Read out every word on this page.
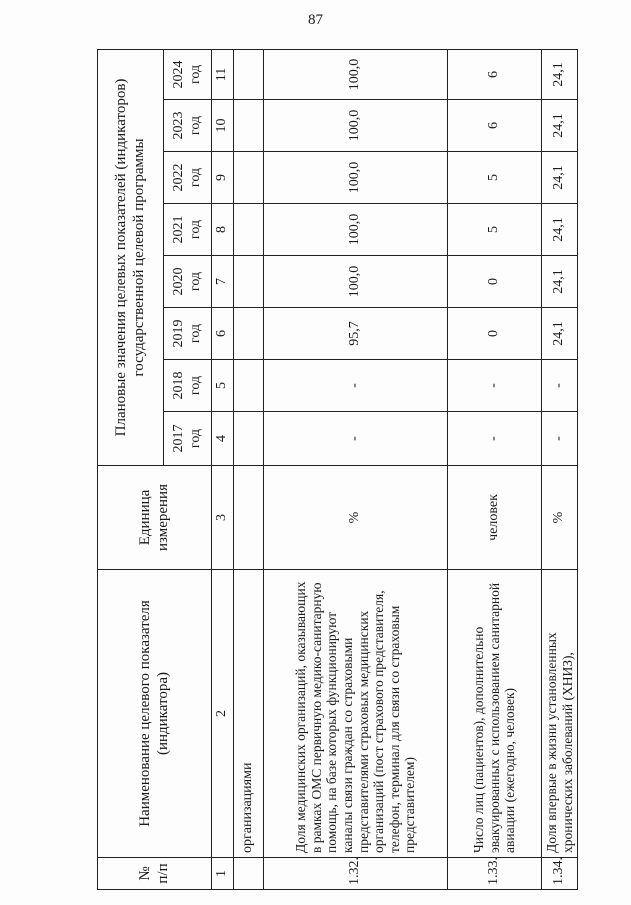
87
№ п/п	Наименование целевого показателя (индикатора)	Единица измерения	Плановые значения целевых показателей (индикаторов) государственной целевой программы							
			2017 год	2018 год	2019 год	2020 год	2021 год	2022 год	2023 год	2024 год
1	2	3	4	5	6	7	8	9	10	11
	организациями									
1.32.	Доля медицинских организаций, оказывающих в рамках ОМС первичную медико-санитарную помощь, на базе которых функционируют каналы связи граждан со страховыми представителями страховых медицинских организаций (пост страхового представителя, телефон, терминал для связи со страховым представителем)	%	-	-	95,7	100,0	100,0	100,0	100,0	100,0
1.33.	Число лиц (пациентов), дополнительно эвакуированных с использованием санитарной авиации (ежегодно, человек)	человек	-	-	0	0	5	5	6	6
1.34.	Доля впервые в жизни установленных хронических заболеваний (ХНИЗ),	%	-	-	24,1	24,1	24,1	24,1	24,1	24,1
